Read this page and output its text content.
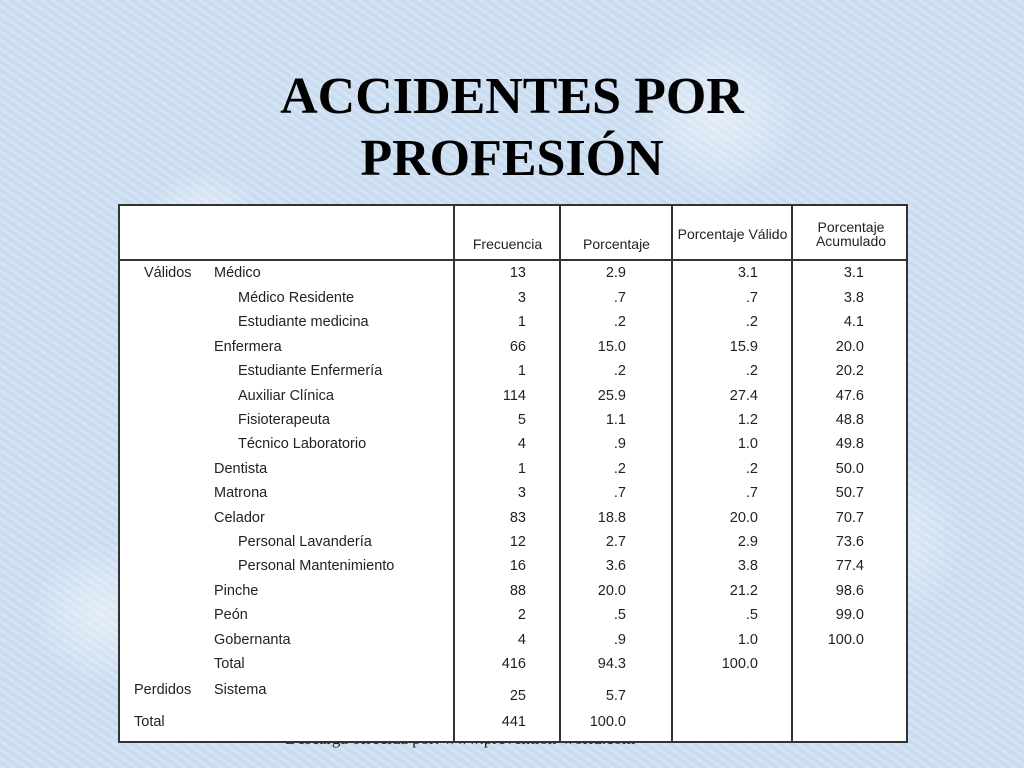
ACCIDENTES POR
PROFESIÓN
Frecuencia	Porcentaje
Porcentaje Válido	Porcentaje Acumulado
Válidos Médico	13	2.9	3.1	3.1
Médico Residente	3	.7	.7	3.8
Estudiante medicina	1	.2	.2	4.1
Enfermera	66	15.0	15.9	20.0
Estudiante Enfermería	1	.2	.2	20.2
Auxiliar Clínica	114	25.9	27.4	47.6
Fisioterapeuta	5	1.1	1.2	48.8
Técnico Laboratorio	4	.9	1.0	49.8
Dentista	1	.2	.2	50.0
Matrona	3	.7	.7	50.7
Celador	83	18.8	20.0	70.7
Personal Lavandería	12	2.7	2.9	73.6
Personal Mantenimiento	16	3.6	3.8	77.4
Pinche	88	20.0	21.2	98.6
Peón	2	.5	.5	99.0
Gobernanta	4	.9	1.0	100.0
Total	416	94.3	100.0
Perdidos Sistema	25	5.7
Total	441	100.0
